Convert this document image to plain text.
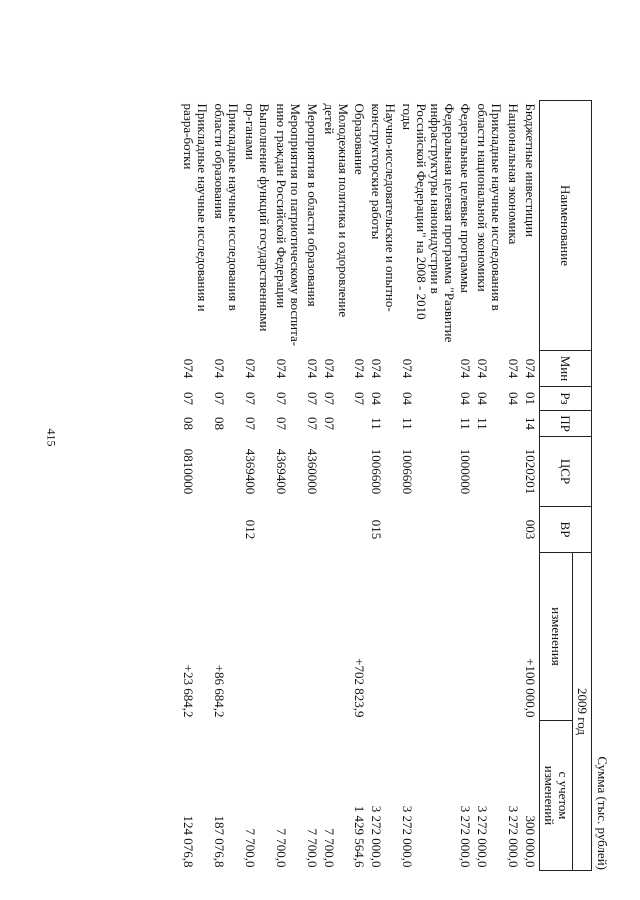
415
Сумма (тыс. рублей)
Наименование	Мин	Рз	ПР	ЦСР	ВР	2009 год	
						изменения	с учетом
изменений
Бюджетные инвестиции	074	01	14	1020201	003	+100 000,0	300 000,0
Национальная экономика	074	04					3 272 000,0
Прикладные научные исследования в области национальной экономики	074	04	11				3 272 000,0
Федеральные целевые программы	074	04	11	1000000			3 272 000,0
Федеральная целевая программа "Развитие инфраструктуры наноиндустрии в Российской Федерации" на 2008 - 2010 годы	074	04	11	1006600			3 272 000,0
Научно-исследовательские и опытно-конструкторские работы	074	04	11	1006600	015		3 272 000,0
Образование	074	07				+702 823,9	1 429 564,6
Молодежная политика и оздоровление детей	074	07	07				7 700,0
Мероприятия в области образования	074	07	07	4360000			7 700,0
Мероприятия по патриотическому воспита-нию граждан Российской Федерации	074	07	07	4369400			7 700,0
Выполнение функций государственными ор-ганами	074	07	07	4369400	012		7 700,0
Прикладные научные исследования в области образования	074	07	08			+86 684,2	187 076,8
Прикладные научные исследования и разра-ботки	074	07	08	0810000		+23 684,2	124 076,8
